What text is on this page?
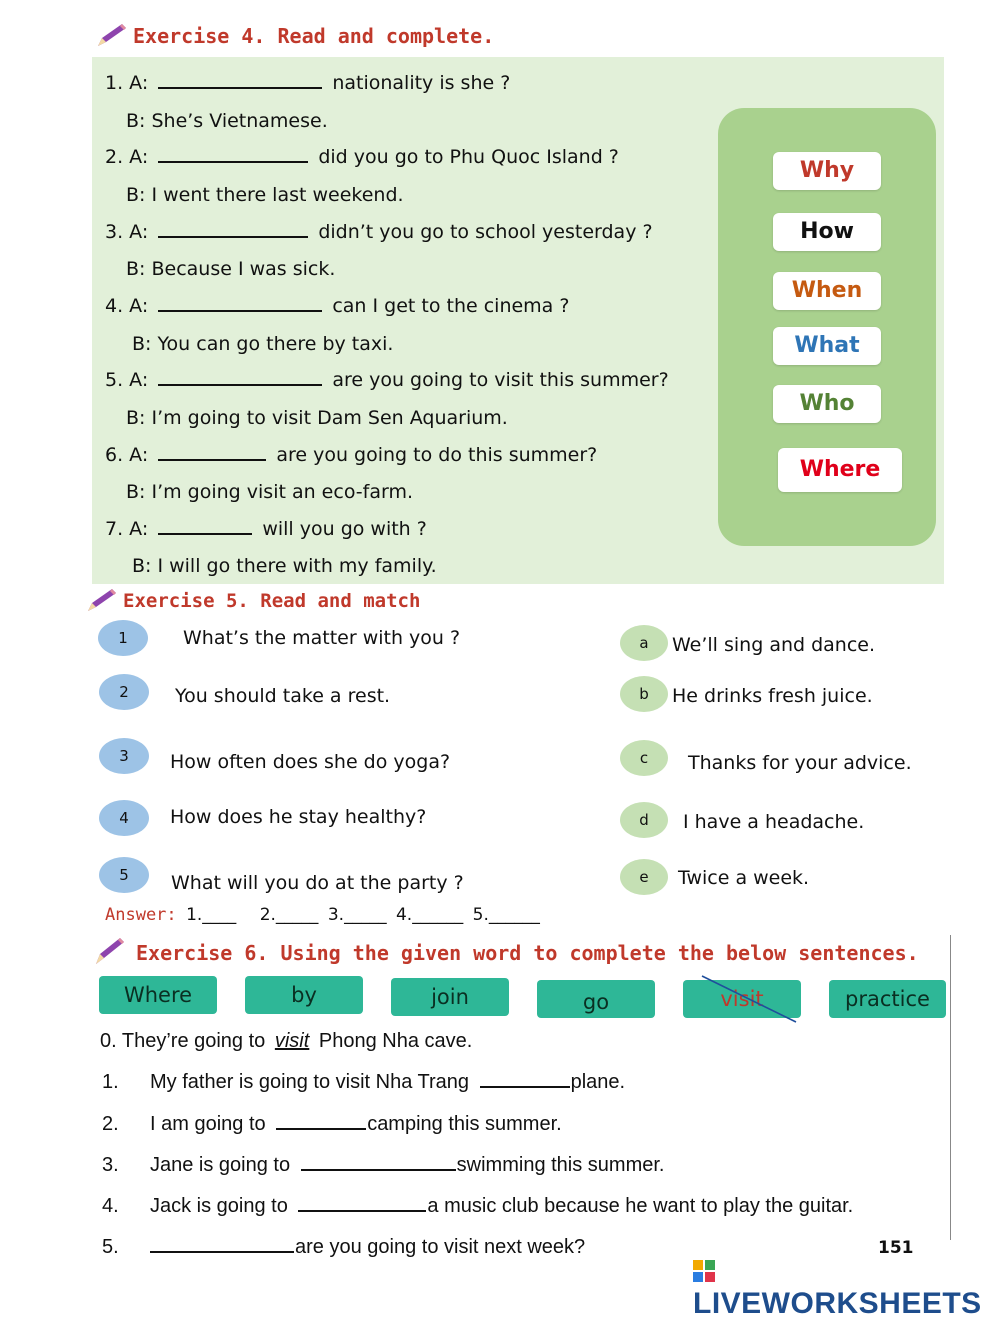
Exercise 4. Read and complete.
1. A:	nationality is she ?
B: She’s Vietnamese.
2. A:	did you go to Phu Quoc Island ?
B: I went there last weekend.
3. A:	didn’t you go to school yesterday ?
B: Because I was sick.
4. A:	can I get to the cinema ?
B: You can go there by taxi.
5. A:	are you going to visit this summer?
B: I’m going to visit Dam Sen Aquarium.
6. A:	are you going to do this summer?
B: I’m going visit an eco-farm.
7. A:	will you go with ?
B: I will go there with my family.
Why
How
When
What
Who
Where
Exercise 5. Read and match
1	What’s the matter with you ?
2	You should take a rest.
3	How often does she do yoga?
4	How does he stay healthy?
5	What will you do at the party ?
a	We’ll sing and dance.
b	He drinks fresh juice.
c	Thanks for your advice.
d	I have a headache.
e	Twice a week.
Answer: 1.____ 2._____ 3._____ 4.______ 5.______
Exercise 6. Using the given word to complete the below sentences.
Where	by	join	go	visit	practice
0. They’re going to visit Phong Nha cave.
1. My father is going to visit Nha Trang	plane.
2. I am going to	camping this summer.
3. Jane is going to	swimming this summer.
4. Jack is going to	a music club because he want to play the guitar.
5.	are you going to visit next week?	151
LIVEWORKSHEETS
